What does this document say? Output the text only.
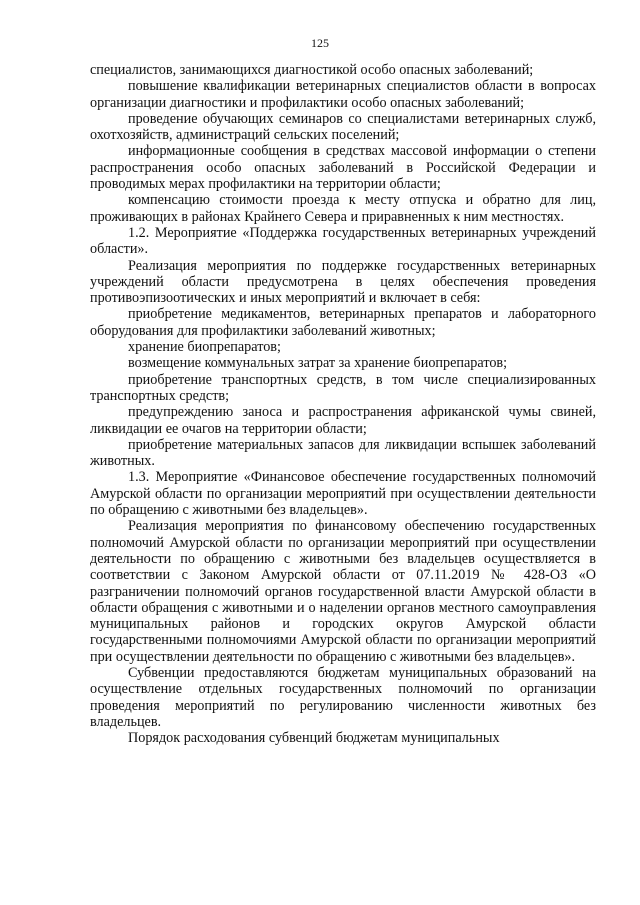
125

специалистов, занимающихся диагностикой особо опасных заболеваний;

повышение квалификации ветеринарных специалистов области в вопросах организации диагностики и профилактики особо опасных заболеваний;

проведение обучающих семинаров со специалистами ветеринарных служб, охотхозяйств, администраций сельских поселений;

информационные сообщения в средствах массовой информации о степени распространения особо опасных заболеваний в Российской Федерации и проводимых мерах профилактики на территории области;

компенсацию стоимости проезда к месту отпуска и обратно для лиц, проживающих в районах Крайнего Севера и приравненных к ним местностях.

1.2. Мероприятие «Поддержка государственных ветеринарных учреждений области».

Реализация мероприятия по поддержке государственных ветеринарных учреждений области предусмотрена в целях обеспечения проведения противоэпизоотических и иных мероприятий и включает в себя:

приобретение медикаментов, ветеринарных препаратов и лабораторного оборудования для профилактики заболеваний животных;

хранение биопрепаратов;

возмещение коммунальных затрат за хранение биопрепаратов;

приобретение транспортных средств, в том числе специализированных транспортных средств;

предупреждению заноса и распространения африканской чумы свиней, ликвидации ее очагов на территории области;

приобретение материальных запасов для ликвидации вспышек заболеваний животных.

1.3. Мероприятие «Финансовое обеспечение государственных полномочий Амурской области по организации мероприятий при осуществлении деятельности по обращению с животными без владельцев».

Реализация мероприятия по финансовому обеспечению государственных полномочий Амурской области по организации мероприятий при осуществлении деятельности по обращению с животными без владельцев осуществляется в соответствии с Законом Амурской области от 07.11.2019 № 428-ОЗ «О разграничении полномочий органов государственной власти Амурской области в области обращения с животными и о наделении органов местного самоуправления муниципальных районов и городских округов Амурской области государственными полномочиями Амурской области по организации мероприятий при осуществлении деятельности по обращению с животными без владельцев».

Субвенции предоставляются бюджетам муниципальных образований на осуществление отдельных государственных полномочий по организации проведения мероприятий по регулированию численности животных без владельцев.

Порядок расходования субвенций бюджетам муниципальных
